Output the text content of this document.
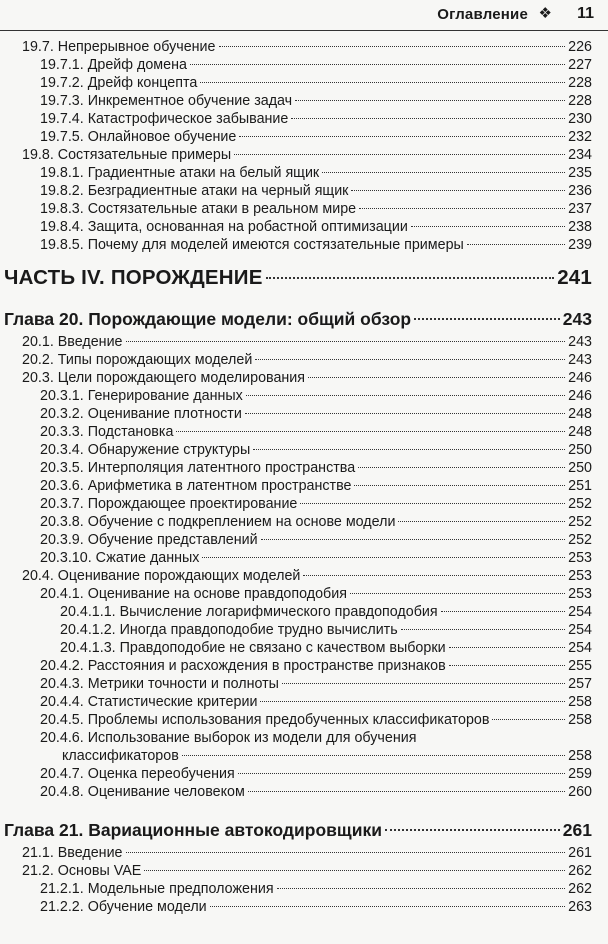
Оглавление ❖ 11
19.7. Непрерывное обучение	226
19.7.1. Дрейф домена	227
19.7.2. Дрейф концепта	228
19.7.3. Инкрементное обучение задач	228
19.7.4. Катастрофическое забывание	230
19.7.5. Онлайновое обучение	232
19.8. Состязательные примеры	234
19.8.1. Градиентные атаки на белый ящик	235
19.8.2. Безградиентные атаки на черный ящик	236
19.8.3. Состязательные атаки в реальном мире	237
19.8.4. Защита, основанная на робастной оптимизации	238
19.8.5. Почему для моделей имеются состязательные примеры	239
ЧАСТЬ IV. ПОРОЖДЕНИЕ	241
Глава 20. Порождающие модели: общий обзор	243
20.1. Введение	243
20.2. Типы порождающих моделей	243
20.3. Цели порождающего моделирования	246
20.3.1. Генерирование данных	246
20.3.2. Оценивание плотности	248
20.3.3. Подстановка	248
20.3.4. Обнаружение структуры	250
20.3.5. Интерполяция латентного пространства	250
20.3.6. Арифметика в латентном пространстве	251
20.3.7. Порождающее проектирование	252
20.3.8. Обучение с подкреплением на основе модели	252
20.3.9. Обучение представлений	252
20.3.10. Сжатие данных	253
20.4. Оценивание порождающих моделей	253
20.4.1. Оценивание на основе правдоподобия	253
20.4.1.1. Вычисление логарифмического правдоподобия	254
20.4.1.2. Иногда правдоподобие трудно вычислить	254
20.4.1.3. Правдоподобие не связано с качеством выборки	254
20.4.2. Расстояния и расхождения в пространстве признаков	255
20.4.3. Метрики точности и полноты	257
20.4.4. Статистические критерии	258
20.4.5. Проблемы использования предобученных классификаторов	258
20.4.6. Использование выборок из модели для обучения
классификаторов	258
20.4.7. Оценка переобучения	259
20.4.8. Оценивание человеком	260
Глава 21. Вариационные автокодировщики	261
21.1. Введение	261
21.2. Основы VAE	262
21.2.1. Модельные предположения	262
21.2.2. Обучение модели	263
